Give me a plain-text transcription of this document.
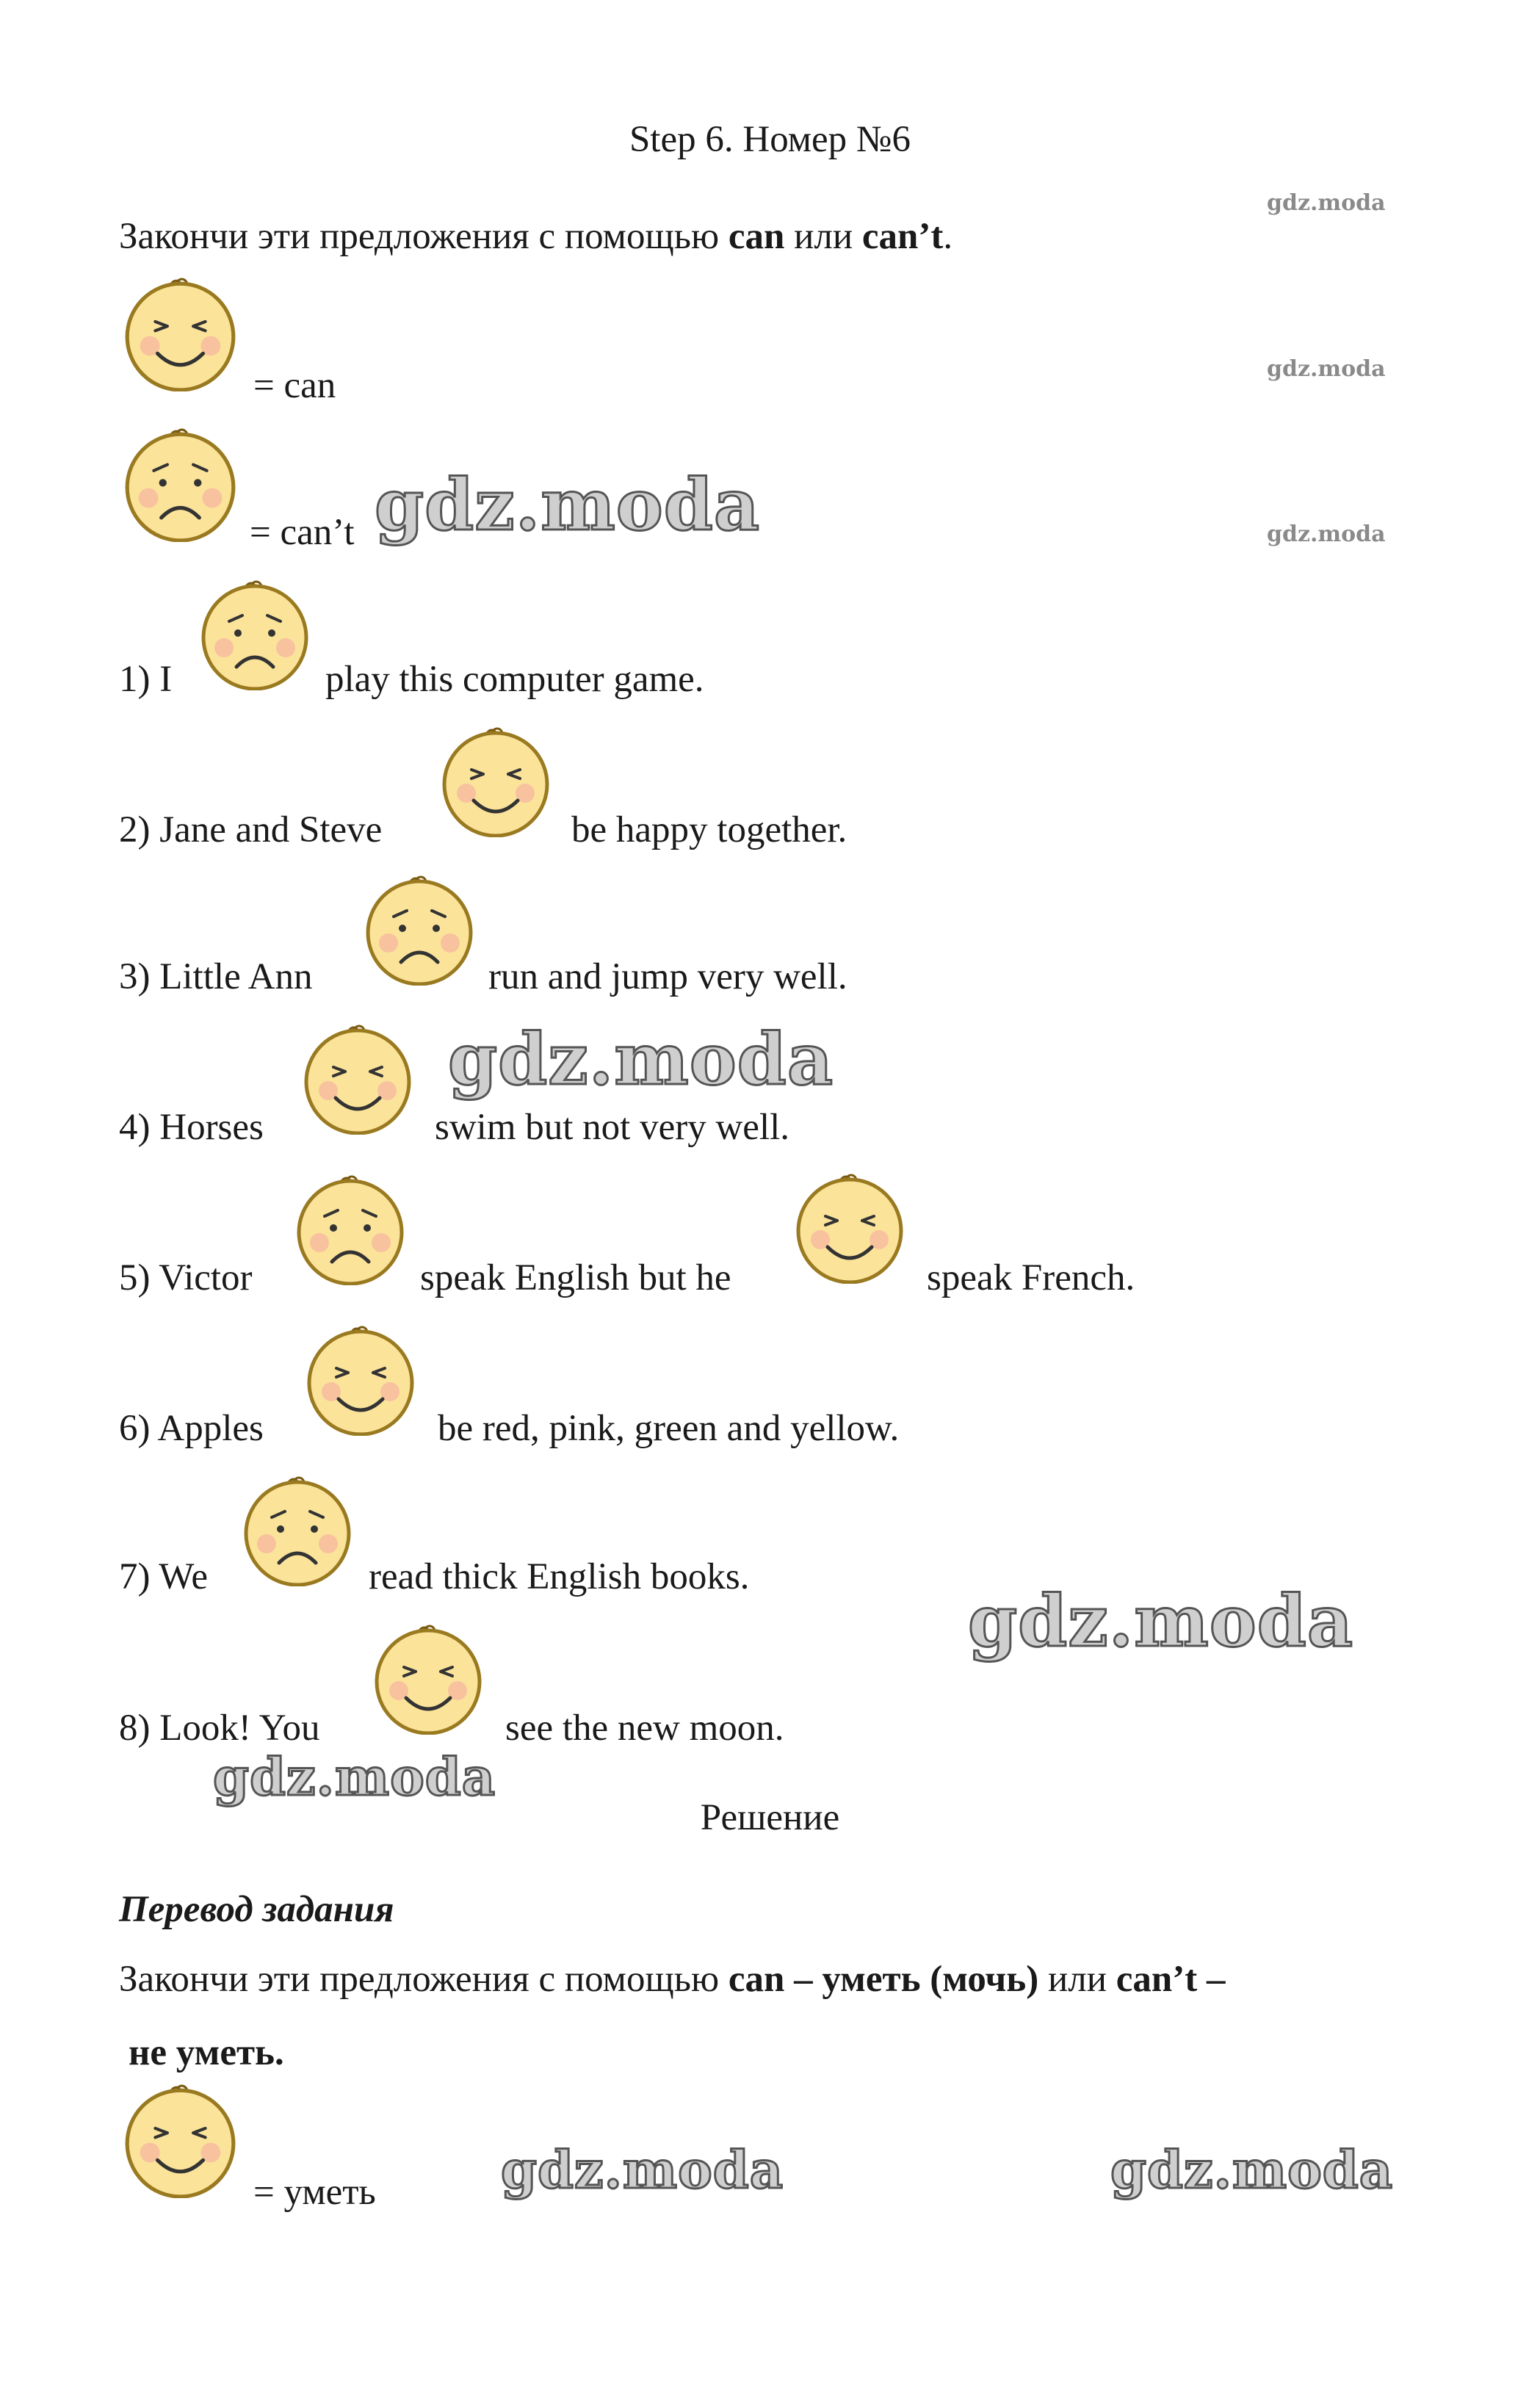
Step 6. Номер №6
Закончи эти предложения с помощью can или can’t.
= can
= can’t
1) I	play this computer game.
2) Jane and Steve	be happy together.
3) Little Ann	run and jump very well.
4) Horses	swim but not very well.
5) Victor	speak English but he	speak French.
6) Apples	be red, pink, green and yellow.
7) We	read thick English books.
8) Look! You	see the new moon.
Решение
Перевод задания
Закончи эти предложения с помощью can – уметь (мочь) или can’t –
не уметь.
= уметь
gdz.moda
gdz.moda
gdz.moda
gdz.moda
gdz.moda
gdz.moda
gdz.moda
gdz.moda	gdz.moda
